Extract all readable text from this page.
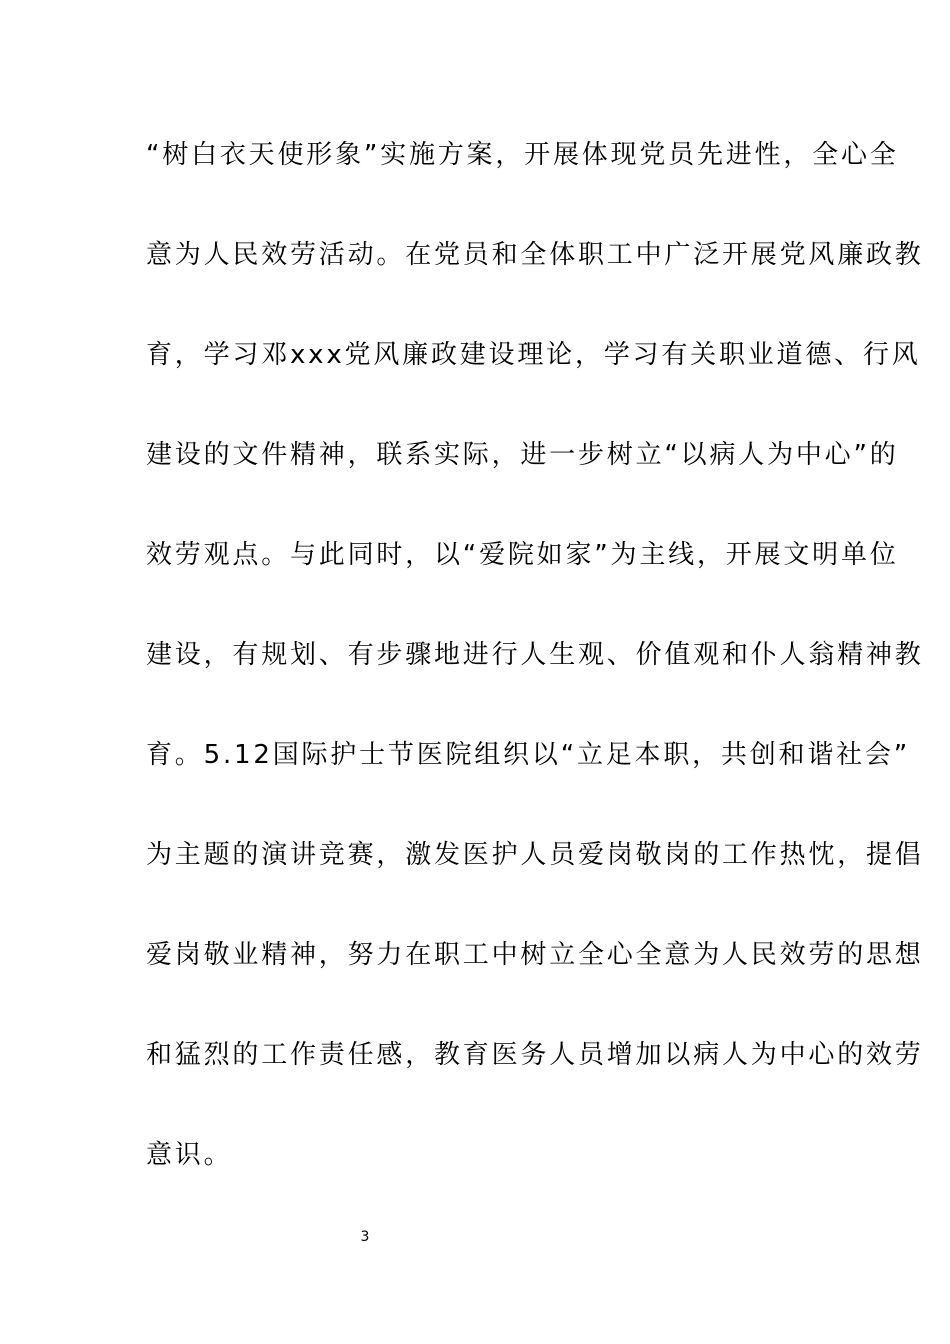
“树白衣天使形象”实施方案，开展体现党员先进性，全心全
意为人民效劳活动。在党员和全体职工中广泛开展党风廉政教
育，学习邓xxx党风廉政建设理论，学习有关职业道德、行风
建设的文件精神，联系实际，进一步树立“以病人为中心”的
效劳观点。与此同时，以“爱院如家”为主线，开展文明单位
建设，有规划、有步骤地进行人生观、价值观和仆人翁精神教
育。5.12国际护士节医院组织以“立足本职，共创和谐社会”
为主题的演讲竞赛，激发医护人员爱岗敬岗的工作热忱，提倡
爱岗敬业精神，努力在职工中树立全心全意为人民效劳的思想
和猛烈的工作责任感，教育医务人员增加以病人为中心的效劳
意识。
3
